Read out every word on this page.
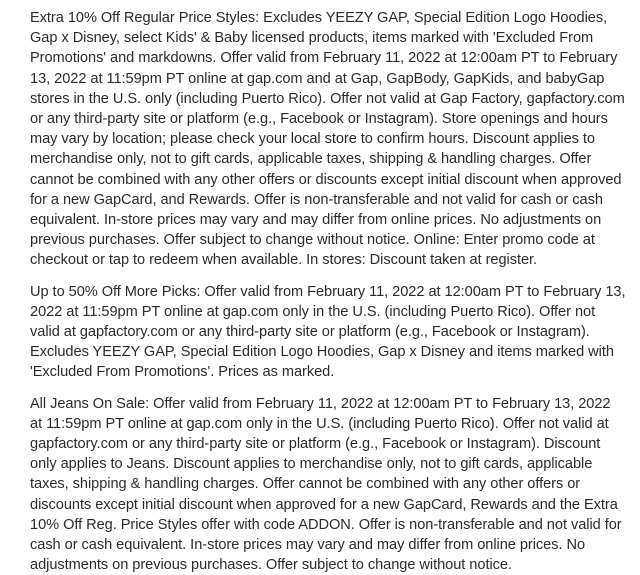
Extra 10% Off Regular Price Styles: Excludes YEEZY GAP, Special Edition Logo Hoodies, Gap x Disney, select Kids' & Baby licensed products, items marked with 'Excluded From Promotions' and markdowns. Offer valid from February 11, 2022 at 12:00am PT to February 13, 2022 at 11:59pm PT online at gap.com and at Gap, GapBody, GapKids, and babyGap stores in the U.S. only (including Puerto Rico). Offer not valid at Gap Factory, gapfactory.com or any third-party site or platform (e.g., Facebook or Instagram). Store openings and hours may vary by location; please check your local store to confirm hours. Discount applies to merchandise only, not to gift cards, applicable taxes, shipping & handling charges. Offer cannot be combined with any other offers or discounts except initial discount when approved for a new GapCard, and Rewards. Offer is non-transferable and not valid for cash or cash equivalent. In-store prices may vary and may differ from online prices. No adjustments on previous purchases. Offer subject to change without notice. Online: Enter promo code at checkout or tap to redeem when available. In stores: Discount taken at register.

Up to 50% Off More Picks: Offer valid from February 11, 2022 at 12:00am PT to February 13, 2022 at 11:59pm PT online at gap.com only in the U.S. (including Puerto Rico). Offer not valid at gapfactory.com or any third-party site or platform (e.g., Facebook or Instagram). Excludes YEEZY GAP, Special Edition Logo Hoodies, Gap x Disney and items marked with 'Excluded From Promotions'. Prices as marked.

All Jeans On Sale: Offer valid from February 11, 2022 at 12:00am PT to February 13, 2022 at 11:59pm PT online at gap.com only in the U.S. (including Puerto Rico). Offer not valid at gapfactory.com or any third-party site or platform (e.g., Facebook or Instagram). Discount only applies to Jeans. Discount applies to merchandise only, not to gift cards, applicable taxes, shipping & handling charges. Offer cannot be combined with any other offers or discounts except initial discount when approved for a new GapCard, Rewards and the Extra 10% Off Reg. Price Styles offer with code ADDON. Offer is non-transferable and not valid for cash or cash equivalent. In-store prices may vary and may differ from online prices. No adjustments on previous purchases. Offer subject to change without notice.
